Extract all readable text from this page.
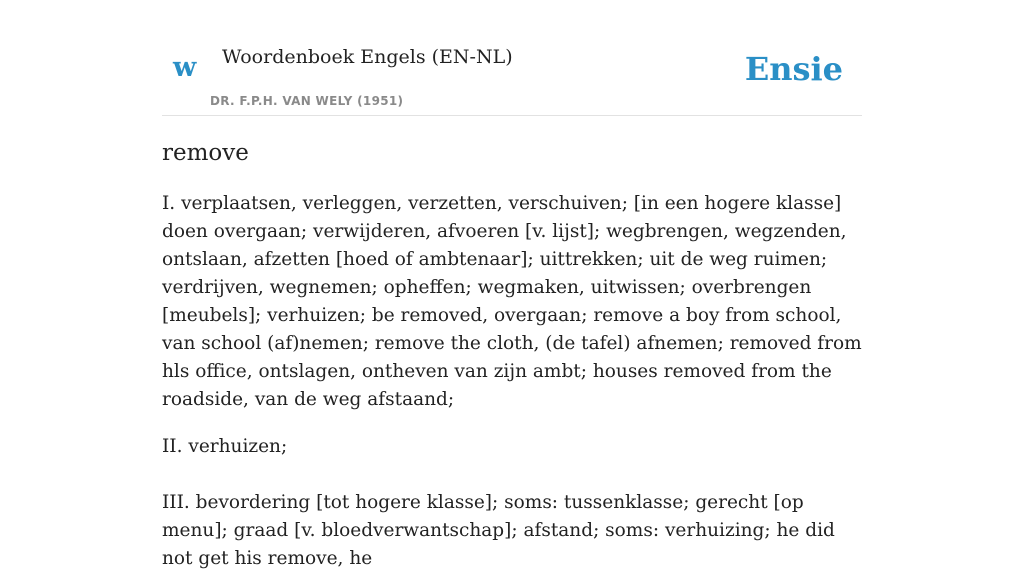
w Woordenboek Engels (EN-NL)
DR. F.P.H. VAN WELY (1951)
Ensie
remove

I. verplaatsen, verleggen, verzetten, verschuiven; [in een hogere klasse] doen overgaan; verwijderen, afvoeren [v. lijst]; wegbrengen, wegzenden, ontslaan, afzetten [hoed of ambtenaar]; uittrekken; uit de weg ruimen; verdrijven, wegnemen; opheffen; wegmaken, uitwissen; overbrengen [meubels]; verhuizen; be removed, overgaan; remove a boy from school, van school (af)nemen; remove the cloth, (de tafel) afnemen; removed from hls office, ontslagen, ontheven van zijn ambt; houses removed from the roadside, van de weg afstaand;

II. verhuizen;

III. bevordering [tot hogere klasse]; soms: tussenklasse; gerecht [op menu]; graad [v. bloedverwantschap]; afstand; soms: verhuizing; he did not get his remove, he
